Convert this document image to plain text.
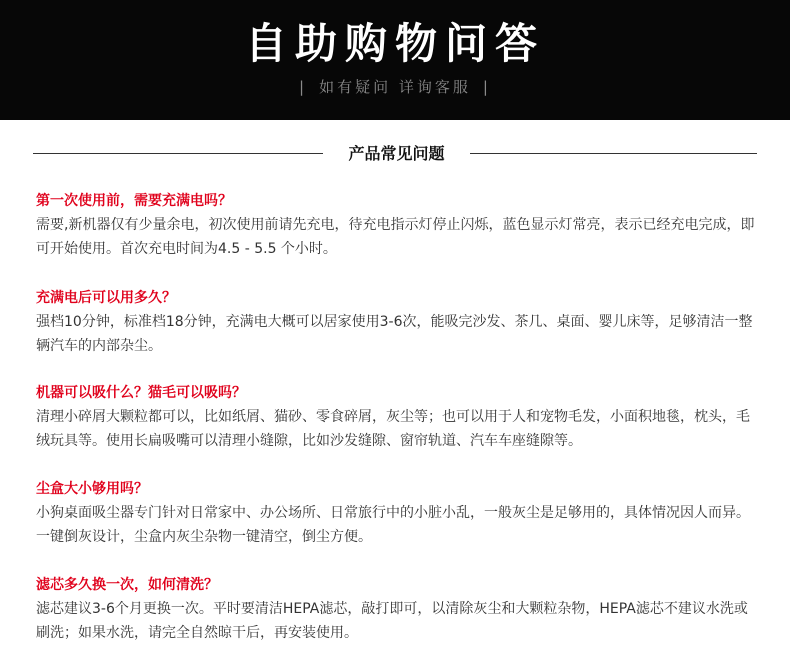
自助购物问答
| 如有疑问 详询客服 |
产品常见问题

第一次使用前，需要充满电吗？

需要,新机器仅有少量余电，初次使用前请先充电，待充电指示灯停止闪烁，蓝色显示灯常亮，表示已经充电完成，即可开始使用。首次充电时间为4.5 - 5.5 个小时。

充满电后可以用多久？

强档10分钟，标准档18分钟，充满电大概可以居家使用3-6次，能吸完沙发、茶几、桌面、婴儿床等，足够清洁一整辆汽车的内部杂尘。

机器可以吸什么？猫毛可以吸吗？

清理小碎屑大颗粒都可以，比如纸屑、猫砂、零食碎屑，灰尘等；也可以用于人和宠物毛发，小面积地毯，枕头，毛绒玩具等。使用长扁吸嘴可以清理小缝隙，比如沙发缝隙、窗帘轨道、汽车车座缝隙等。

尘盒大小够用吗？

小狗桌面吸尘器专门针对日常家中、办公场所、日常旅行中的小脏小乱，一般灰尘是足够用的，具体情况因人而异。一键倒灰设计，尘盒内灰尘杂物一键清空，倒尘方便。

滤芯多久换一次，如何清洗？

滤芯建议3-6个月更换一次。平时要清洁HEPA滤芯，敲打即可，以清除灰尘和大颗粒杂物，HEPA滤芯不建议水洗或刷洗；如果水洗，请完全自然晾干后，再安装使用。
